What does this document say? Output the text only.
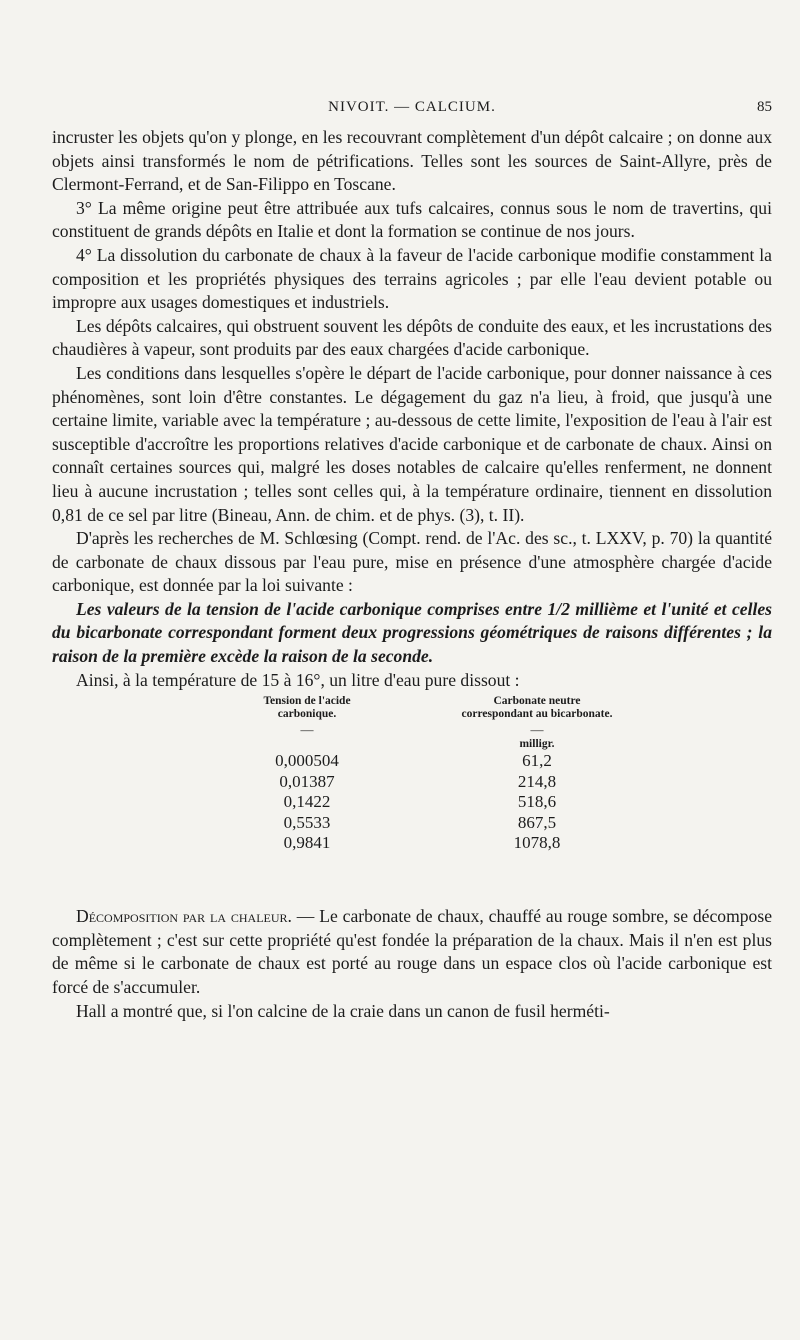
NIVOIT. — CALCIUM.	85

incruster les objets qu'on y plonge, en les recouvrant complètement d'un dépôt calcaire ; on donne aux objets ainsi transformés le nom de pétrifications. Telles sont les sources de Saint-Allyre, près de Clermont-Ferrand, et de San-Filippo en Toscane.

3° La même origine peut être attribuée aux tufs calcaires, connus sous le nom de travertins, qui constituent de grands dépôts en Italie et dont la formation se continue de nos jours.

4° La dissolution du carbonate de chaux à la faveur de l'acide carbonique modifie constamment la composition et les propriétés physiques des terrains agricoles ; par elle l'eau devient potable ou impropre aux usages domestiques et industriels.

Les dépôts calcaires, qui obstruent souvent les dépôts de conduite des eaux, et les incrustations des chaudières à vapeur, sont produits par des eaux chargées d'acide carbonique.

Les conditions dans lesquelles s'opère le départ de l'acide carbonique, pour donner naissance à ces phénomènes, sont loin d'être constantes. Le dégagement du gaz n'a lieu, à froid, que jusqu'à une certaine limite, variable avec la température ; au-dessous de cette limite, l'exposition de l'eau à l'air est susceptible d'accroître les proportions relatives d'acide carbonique et de carbonate de chaux. Ainsi on connaît certaines sources qui, malgré les doses notables de calcaire qu'elles renferment, ne donnent lieu à aucune incrustation ; telles sont celles qui, à la température ordinaire, tiennent en dissolution 0,81 de ce sel par litre (Bineau, Ann. de chim. et de phys. (3), t. II).

D'après les recherches de M. Schlœsing (Compt. rend. de l'Ac. des sc., t. LXXV, p. 70) la quantité de carbonate de chaux dissous par l'eau pure, mise en présence d'une atmosphère chargée d'acide carbonique, est donnée par la loi suivante :

Les valeurs de la tension de l'acide carbonique comprises entre 1/2 millième et l'unité et celles du bicarbonate correspondant forment deux progressions géométriques de raisons différentes ; la raison de la première excède la raison de la seconde.

Ainsi, à la température de 15 à 16°, un litre d'eau pure dissout :

Tension de l'acide
carbonique.
—
0,000504
0,01387
0,1422
0,5533
0,9841
Carbonate neutre
correspondant au bicarbonate.
—
milligr.
61,2
214,8
518,6
867,5
1078,8

Décomposition par la chaleur. — Le carbonate de chaux, chauffé au rouge sombre, se décompose complètement ; c'est sur cette propriété qu'est fondée la préparation de la chaux. Mais il n'en est plus de même si le carbonate de chaux est porté au rouge dans un espace clos où l'acide carbonique est forcé de s'accumuler.

Hall a montré que, si l'on calcine de la craie dans un canon de fusil herméti-
